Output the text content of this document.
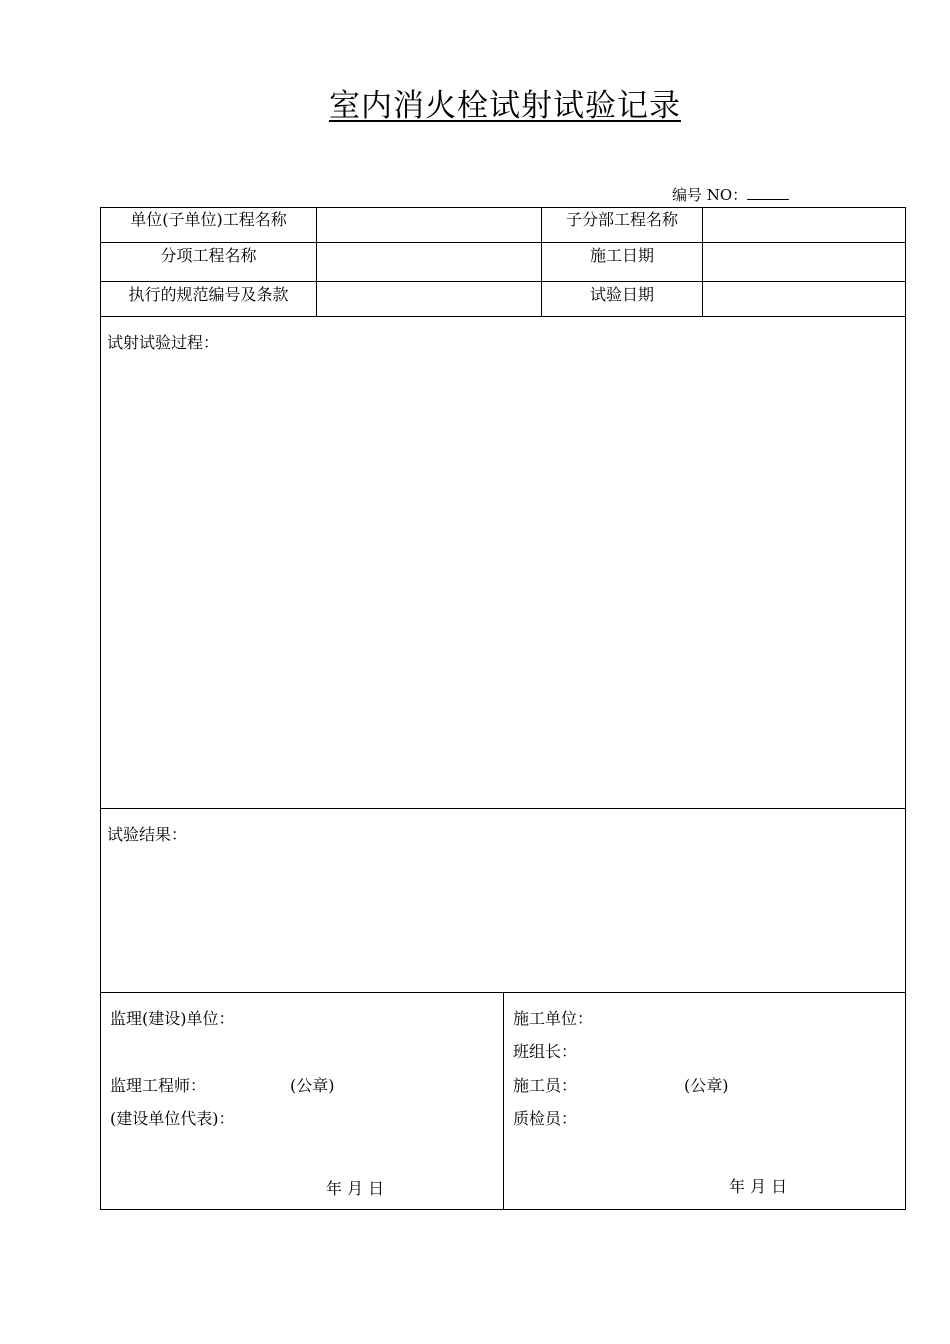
室内消火栓试射试验记录
编号 NO：
单位(子单位)工程名称	子分部工程名称
分项工程名称	施工日期
执行的规范编号及条款	试验日期
试射试验过程：
试验结果：
监理(建设)单位：
监理工程师：	(公章)
(建设单位代表)：
年 月 日
施工单位：
班组长：
施工员：	(公章)
质检员：
年 月 日
